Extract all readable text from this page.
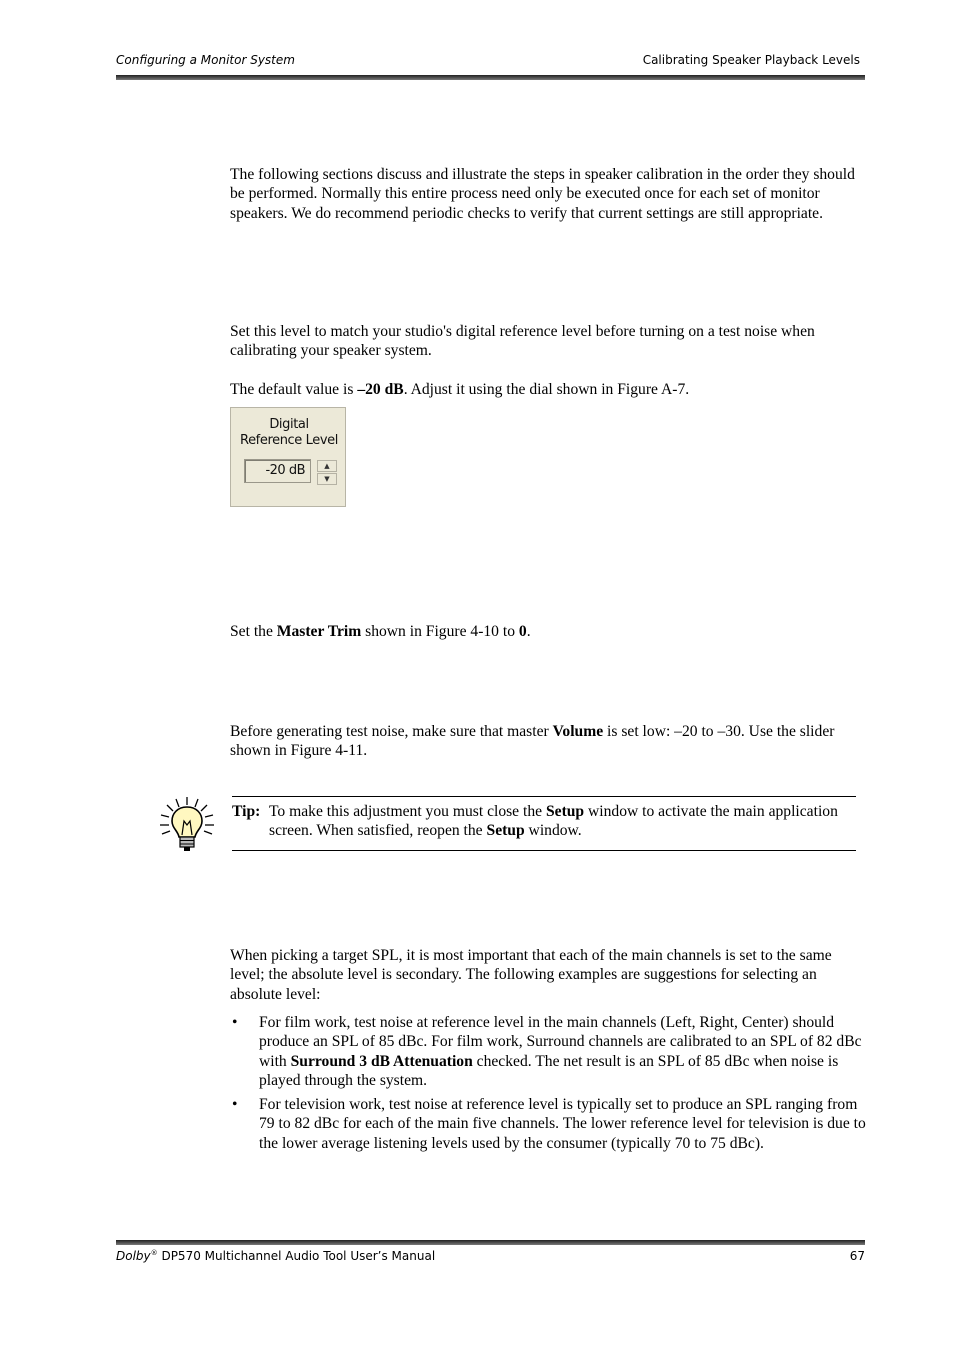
Configuring a Monitor System	Calibrating Speaker Playback Levels

The following sections discuss and illustrate the steps in speaker calibration in the order they should be performed. Normally this entire process need only be executed once for each set of monitor speakers. We do recommend periodic checks to verify that current settings are still appropriate.

Set this level to match your studio's digital reference level before turning on a test noise when calibrating your speaker system.

The default value is –20 dB. Adjust it using the dial shown in Figure A-7.

Digital Reference Level
-20 dB	▲
▼

Set the Master Trim shown in Figure 4-10 to 0.

Before generating test noise, make sure that master Volume is set low: –20 to –30. Use the slider shown in Figure 4-11.

Tip: To make this adjustment you must close the Setup window to activate the main application screen. When satisfied, reopen the Setup window.

When picking a target SPL, it is most important that each of the main channels is set to the same level; the absolute level is secondary. The following examples are suggestions for selecting an absolute level:

• For film work, test noise at reference level in the main channels (Left, Right, Center) should produce an SPL of 85 dBc. For film work, Surround channels are calibrated to an SPL of 82 dBc with Surround 3 dB Attenuation checked. The net result is an SPL of 85 dBc when noise is played through the system.
• For television work, test noise at reference level is typically set to produce an SPL ranging from 79 to 82 dBc for each of the main five channels. The lower reference level for television is due to the lower average listening levels used by the consumer (typically 70 to 75 dBc).
Dolby® DP570 Multichannel Audio Tool User’s Manual	67
